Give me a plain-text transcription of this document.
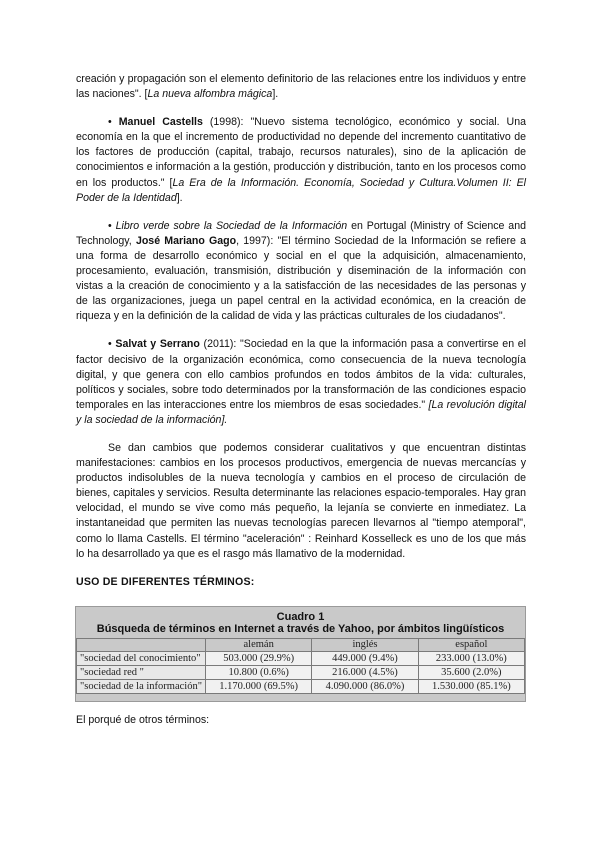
creación y propagación son el elemento definitorio de las relaciones entre los individuos y entre las naciones". [La nueva alfombra mágica].

• Manuel Castells (1998): "Nuevo sistema tecnológico, económico y social. Una economía en la que el incremento de productividad no depende del incremento cuantitativo de los factores de producción (capital, trabajo, recursos naturales), sino de la aplicación de conocimientos e información a la gestión, producción y distribución, tanto en los procesos como en los productos." [La Era de la Información. Economía, Sociedad y Cultura.Volumen II: El Poder de la Identidad].

• Libro verde sobre la Sociedad de la Información en Portugal (Ministry of Science and Technology, José Mariano Gago, 1997): "El término Sociedad de la Información se refiere a una forma de desarrollo económico y social en el que la adquisición, almacenamiento, procesamiento, evaluación, transmisión, distribución y diseminación de la información con vistas a la creación de conocimiento y a la satisfacción de las necesidades de las personas y de las organizaciones, juega un papel central en la actividad económica, en la creación de riqueza y en la definición de la calidad de vida y las prácticas culturales de los ciudadanos".

• Salvat y Serrano (2011): "Sociedad en la que la información pasa a convertirse en el factor decisivo de la organización económica, como consecuencia de la nueva tecnología digital, y que genera con ello cambios profundos en todos ámbitos de la vida: culturales, políticos y sociales, sobre todo determinados por la transformación de las condiciones espacio temporales en las interacciones entre los miembros de esas sociedades." [La revolución digital y la sociedad de la información].

Se dan cambios que podemos considerar cualitativos y que encuentran distintas manifestaciones: cambios en los procesos productivos, emergencia de nuevas mercancías y productos indisolubles de la nueva tecnología y cambios en el proceso de circulación de bienes, capitales y servicios. Resulta determinante las relaciones espacio-temporales. Hay gran velocidad, el mundo se vive como más pequeño, la lejanía se convierte en inmediatez. La instantaneidad que permiten las nuevas tecnologías parecen llevarnos al "tiempo atemporal", como lo llama Castells. El término "aceleración" : Reinhard Kosselleck es uno de los que más lo ha desarrollado ya que es el rasgo más llamativo de la modernidad.

USO DE DIFERENTES TÉRMINOS:
Cuadro 1
Búsqueda de términos en Internet a través de Yahoo, por ámbitos lingüísticos
	alemán	inglés	español
"sociedad del conocimiento"	503.000 (29.9%)	449.000 (9.4%)	233.000 (13.0%)
"sociedad red "	10.800 (0.6%)	216.000 (4.5%)	35.600 (2.0%)
"sociedad de la información"	1.170.000 (69.5%)	4.090.000 (86.0%)	1.530.000 (85.1%)

El porqué de otros términos:
